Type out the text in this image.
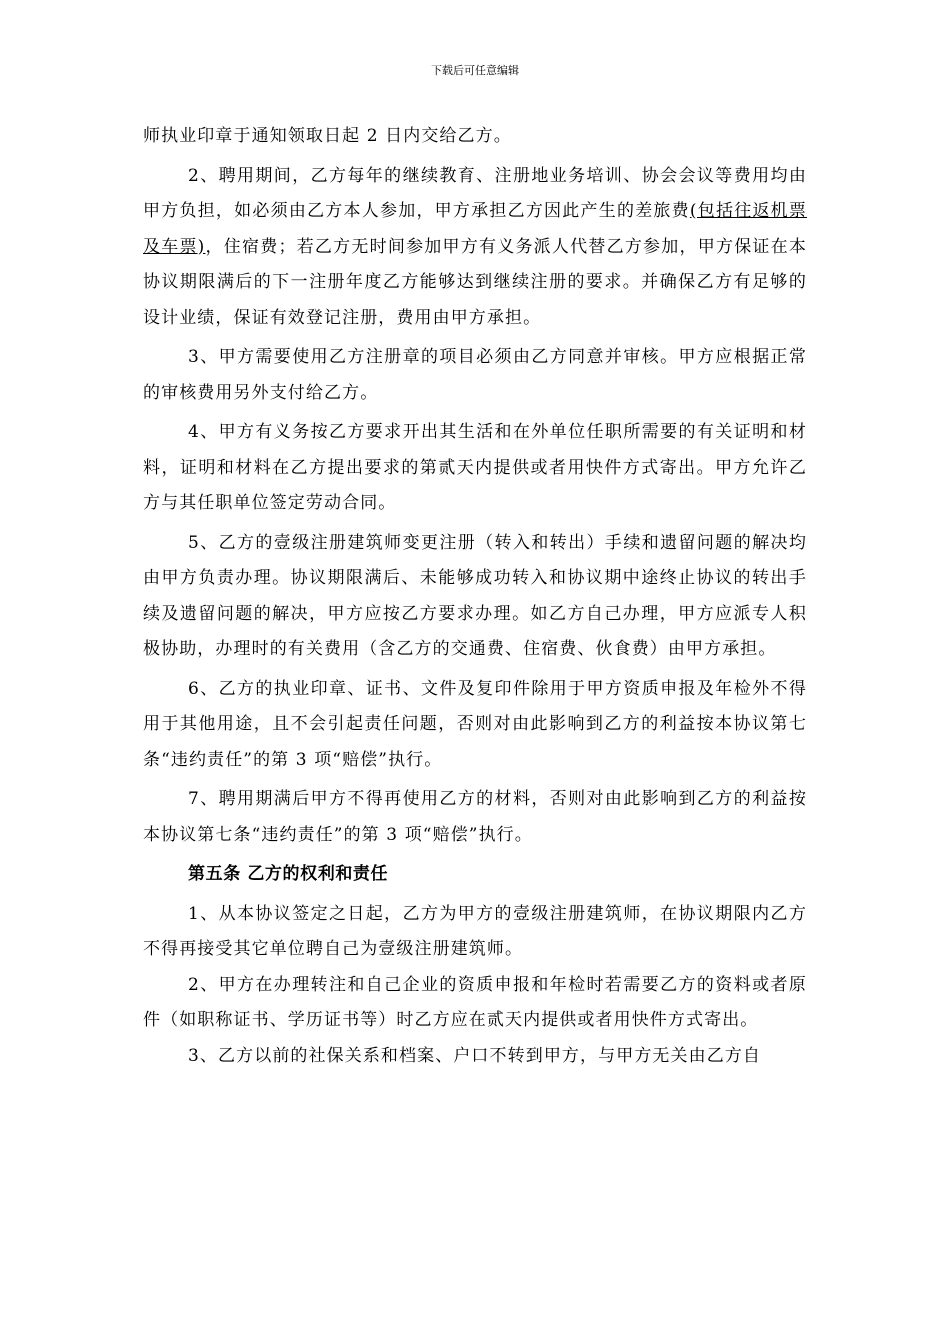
下载后可任意编辑

师执业印章于通知领取日起 2 日内交给乙方。

2、聘用期间，乙方每年的继续教育、注册地业务培训、协会会议等费用均由甲方负担，如必须由乙方本人参加，甲方承担乙方因此产生的差旅费(包括往返机票及车票)，住宿费；若乙方无时间参加甲方有义务派人代替乙方参加，甲方保证在本协议期限满后的下一注册年度乙方能够达到继续注册的要求。并确保乙方有足够的设计业绩，保证有效登记注册，费用由甲方承担。

3、甲方需要使用乙方注册章的项目必须由乙方同意并审核。甲方应根据正常的审核费用另外支付给乙方。

4、甲方有义务按乙方要求开出其生活和在外单位任职所需要的有关证明和材料，证明和材料在乙方提出要求的第贰天内提供或者用快件方式寄出。甲方允许乙方与其任职单位签定劳动合同。

5、乙方的壹级注册建筑师变更注册（转入和转出）手续和遗留问题的解决均由甲方负责办理。协议期限满后、未能够成功转入和协议期中途终止协议的转出手续及遗留问题的解决，甲方应按乙方要求办理。如乙方自己办理，甲方应派专人积极协助，办理时的有关费用（含乙方的交通费、住宿费、伙食费）由甲方承担。

6、乙方的执业印章、证书、文件及复印件除用于甲方资质申报及年检外不得用于其他用途，且不会引起责任问题，否则对由此影响到乙方的利益按本协议第七条“违约责任”的第 3 项“赔偿”执行。

7、聘用期满后甲方不得再使用乙方的材料，否则对由此影响到乙方的利益按本协议第七条“违约责任”的第 3 项“赔偿”执行。

第五条 乙方的权利和责任

1、从本协议签定之日起，乙方为甲方的壹级注册建筑师，在协议期限内乙方不得再接受其它单位聘自己为壹级注册建筑师。

2、甲方在办理转注和自己企业的资质申报和年检时若需要乙方的资料或者原件（如职称证书、学历证书等）时乙方应在贰天内提供或者用快件方式寄出。

3、乙方以前的社保关系和档案、户口不转到甲方，与甲方无关由乙方自
